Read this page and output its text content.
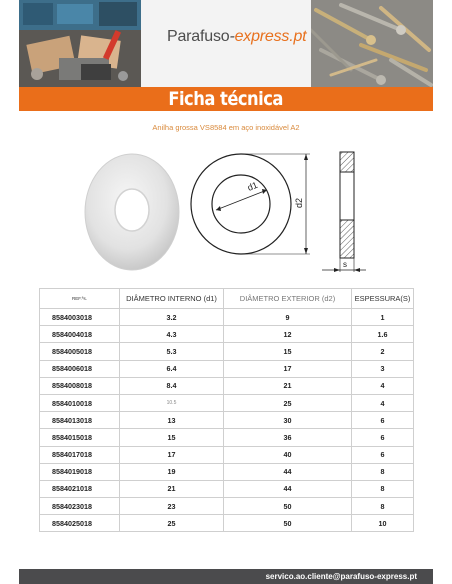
Parafuso-express.pt
Ficha técnica
Anilha grossa VS8584 em aço inoxidável A2
d1
d2
s
REF.ªs.	DIÂMETRO INTERNO (d1)	DIÂMETRO EXTERIOR (d2)	ESPESSURA(S)
8584003018	3.2	9	1
8584004018	4.3	12	1.6
8584005018	5.3	15	2
8584006018	6.4	17	3
8584008018	8.4	21	4
8584010018	10.5	25	4
8584013018	13	30	6
8584015018	15	36	6
8584017018	17	40	6
8584019018	19	44	8
8584021018	21	44	8
8584023018	23	50	8
8584025018	25	50	10
servico.ao.cliente@parafuso-express.pt
